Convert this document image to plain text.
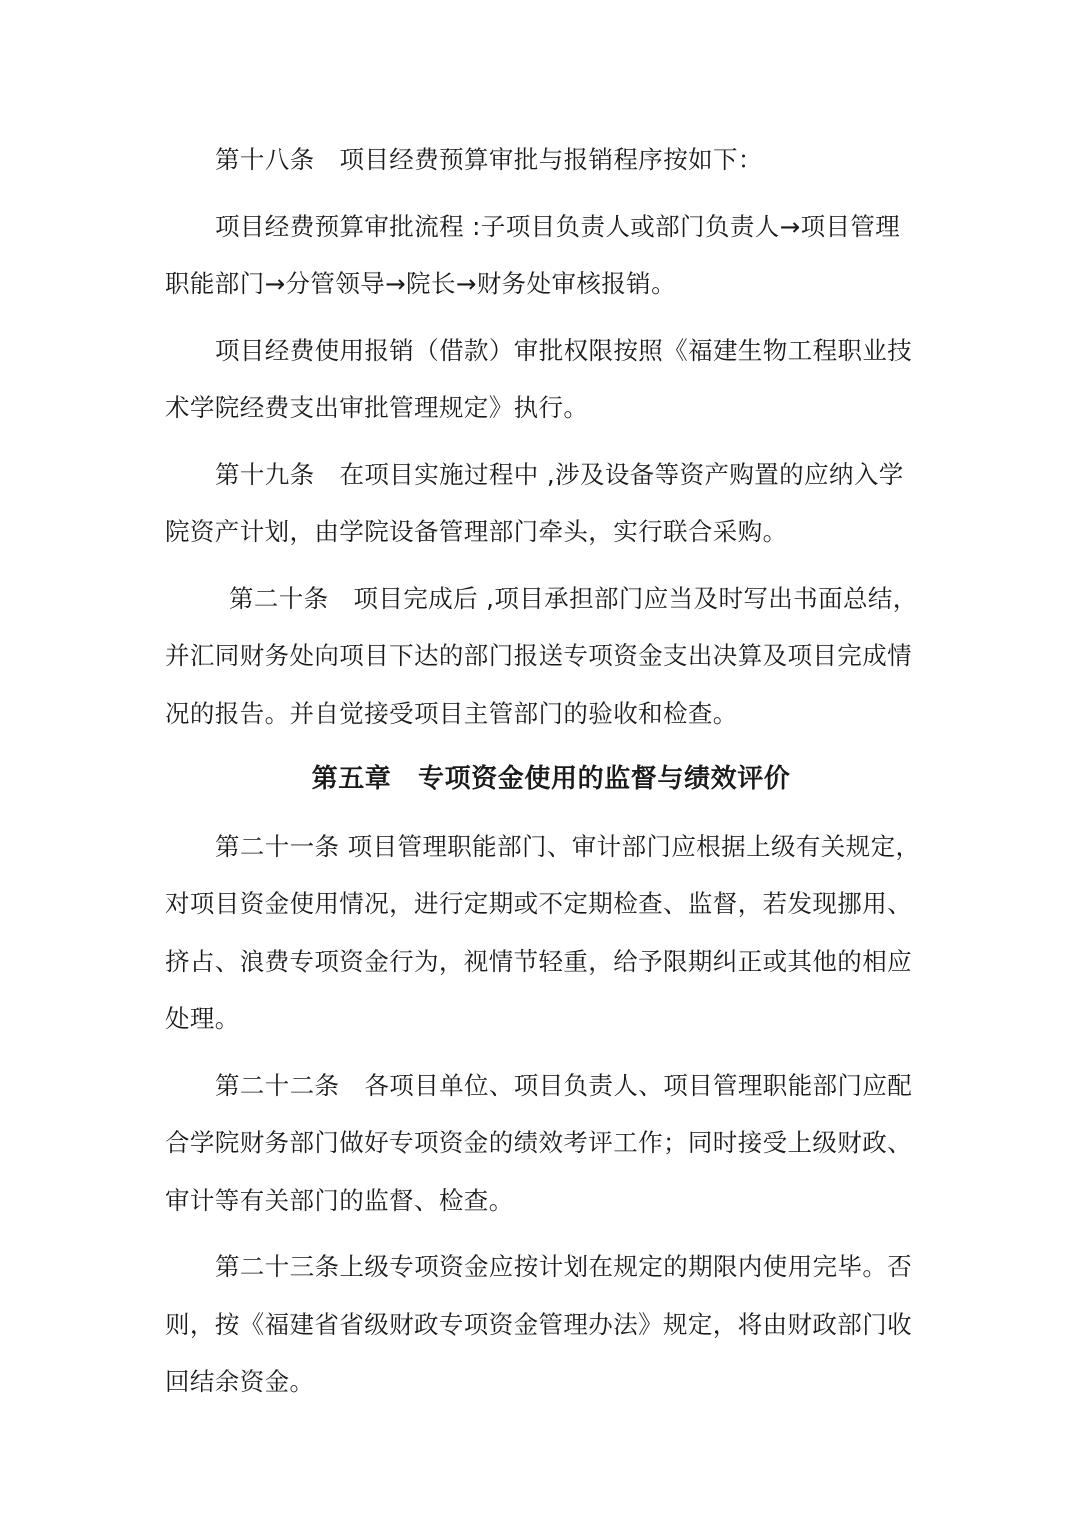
第十八条　项目经费预算审批与报销程序按如下：

项目经费预算审批流程 :子项目负责人或部门负责人→项目管理职能部门→分管领导→院长→财务处审核报销。

项目经费使用报销（借款）审批权限按照《福建生物工程职业技术学院经费支出审批管理规定》执行。

第十九条　在项目实施过程中 ,涉及设备等资产购置的应纳入学院资产计划，由学院设备管理部门牵头，实行联合采购。

第二十条　项目完成后 ,项目承担部门应当及时写出书面总结，并汇同财务处向项目下达的部门报送专项资金支出决算及项目完成情况的报告。并自觉接受项目主管部门的验收和检查。

第五章　专项资金使用的监督与绩效评价

第二十一条 项目管理职能部门、审计部门应根据上级有关规定，对项目资金使用情况，进行定期或不定期检查、监督，若发现挪用、挤占、浪费专项资金行为，视情节轻重，给予限期纠正或其他的相应处理。

第二十二条　各项目单位、项目负责人、项目管理职能部门应配合学院财务部门做好专项资金的绩效考评工作；同时接受上级财政、审计等有关部门的监督、检查。

第二十三条上级专项资金应按计划在规定的期限内使用完毕。否则，按《福建省省级财政专项资金管理办法》规定，将由财政部门收回结余资金。
